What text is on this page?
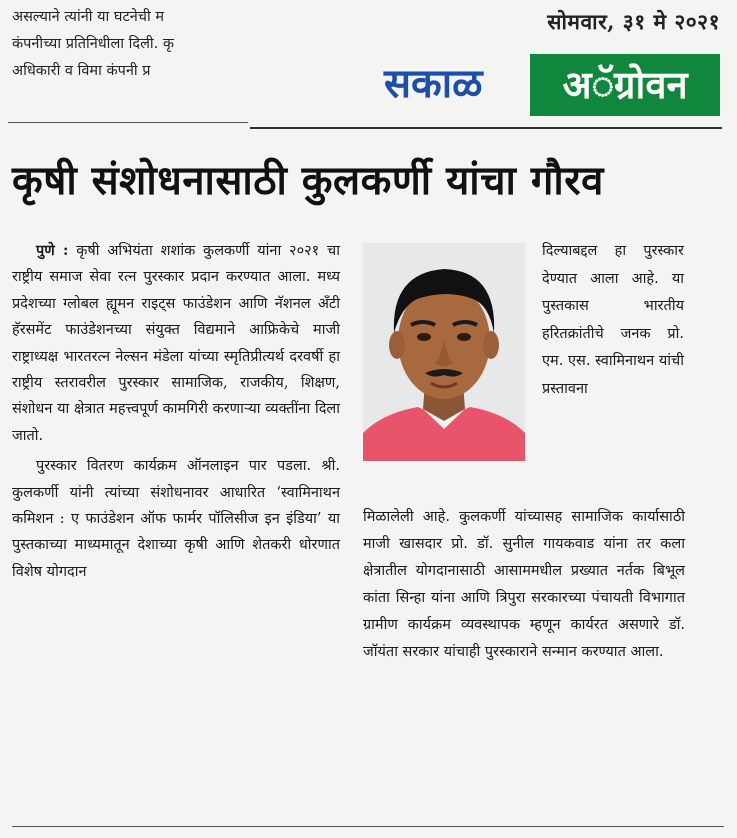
असल्याने त्यांनी या घटनेची म
कंपनीच्या प्रतिनिधीला दिली. कृ
अधिकारी व विमा कंपनी प्र
सोमवार, ३१ मे २०२१
सकाळ	अॅग्रोवन
कृषी संशोधनासाठी कुलकर्णी यांचा गौरव

पुणे : कृषी अभियंता शशांक कुलकर्णी यांना २०२१ चा राष्ट्रीय समाज सेवा रत्न पुरस्कार प्रदान करण्यात आला. मध्य प्रदेशच्या ग्लोबल ह्यूमन राइट्स फाउंडेशन आणि नॅशनल अँटी हॅरसमेंट फाउंडेशनच्या संयुक्त विद्यमाने आफ्रिकेचे माजी राष्ट्राध्यक्ष भारतरत्न नेल्सन मंडेला यांच्या स्मृतिप्रीत्यर्थ दरवर्षी हा राष्ट्रीय स्तरावरील पुरस्कार सामाजिक, राजकीय, शिक्षण, संशोधन या क्षेत्रात महत्त्वपूर्ण कामगिरी करणाऱ्या व्यक्तींना दिला जातो.

पुरस्कार वितरण कार्यक्रम ऑनलाइन पार पडला. श्री. कुलकर्णी यांनी त्यांच्या संशोधनावर आधारित ‘स्वामिनाथन कमिशन : ए फाउंडेशन ऑफ फार्मर पॉलिसीज इन इंडिया’ या पुस्तकाच्या माध्यमातून देशाच्या कृषी आणि शेतकरी धोरणात विशेष योगदान

दिल्याबद्दल हा पुरस्कार देण्यात आला आहे. या पुस्तकास भारतीय हरितक्रांतीचे जनक प्रो. एम. एस. स्वामिनाथन यांची प्रस्तावना

मिळालेली आहे. कुलकर्णी यांच्यासह सामाजिक कार्यासाठी माजी खासदार प्रो. डॉ. सुनील गायकवाड यांना तर कला क्षेत्रातील योगदानासाठी आसाममधील प्रख्यात नर्तक बिभूल कांता सिन्हा यांना आणि त्रिपुरा सरकारच्या पंचायती विभागात ग्रामीण कार्यक्रम व्यवस्थापक म्हणून कार्यरत असणारे डॉ. जॉयंता सरकार यांचाही पुरस्काराने सन्मान करण्यात आला.
